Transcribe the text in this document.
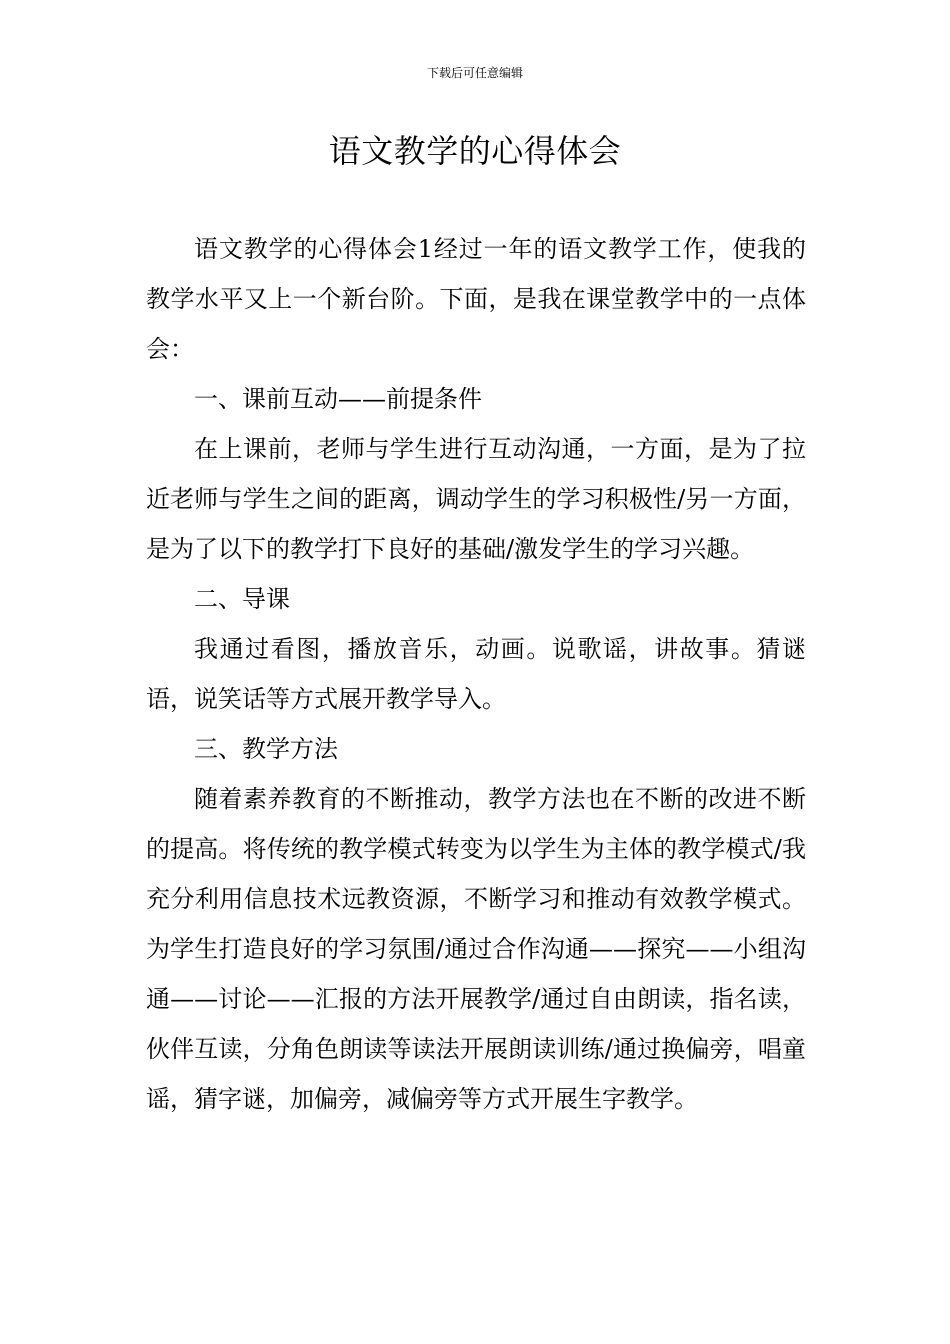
下载后可任意编辑
语文教学的心得体会

语文教学的心得体会1经过一年的语文教学工作，使我的教学水平又上一个新台阶。下面，是我在课堂教学中的一点体会：

一、课前互动——前提条件

在上课前，老师与学生进行互动沟通，一方面，是为了拉近老师与学生之间的距离，调动学生的学习积极性/另一方面，是为了以下的教学打下良好的基础/激发学生的学习兴趣。

二、导课

我通过看图，播放音乐，动画。说歌谣，讲故事。猜谜语，说笑话等方式展开教学导入。

三、教学方法

随着素养教育的不断推动，教学方法也在不断的改进不断的提高。将传统的教学模式转变为以学生为主体的教学模式/我充分利用信息技术远教资源，不断学习和推动有效教学模式。为学生打造良好的学习氛围/通过合作沟通——探究——小组沟通——讨论——汇报的方法开展教学/通过自由朗读，指名读，伙伴互读，分角色朗读等读法开展朗读训练/通过换偏旁，唱童谣，猜字谜，加偏旁，减偏旁等方式开展生字教学。
